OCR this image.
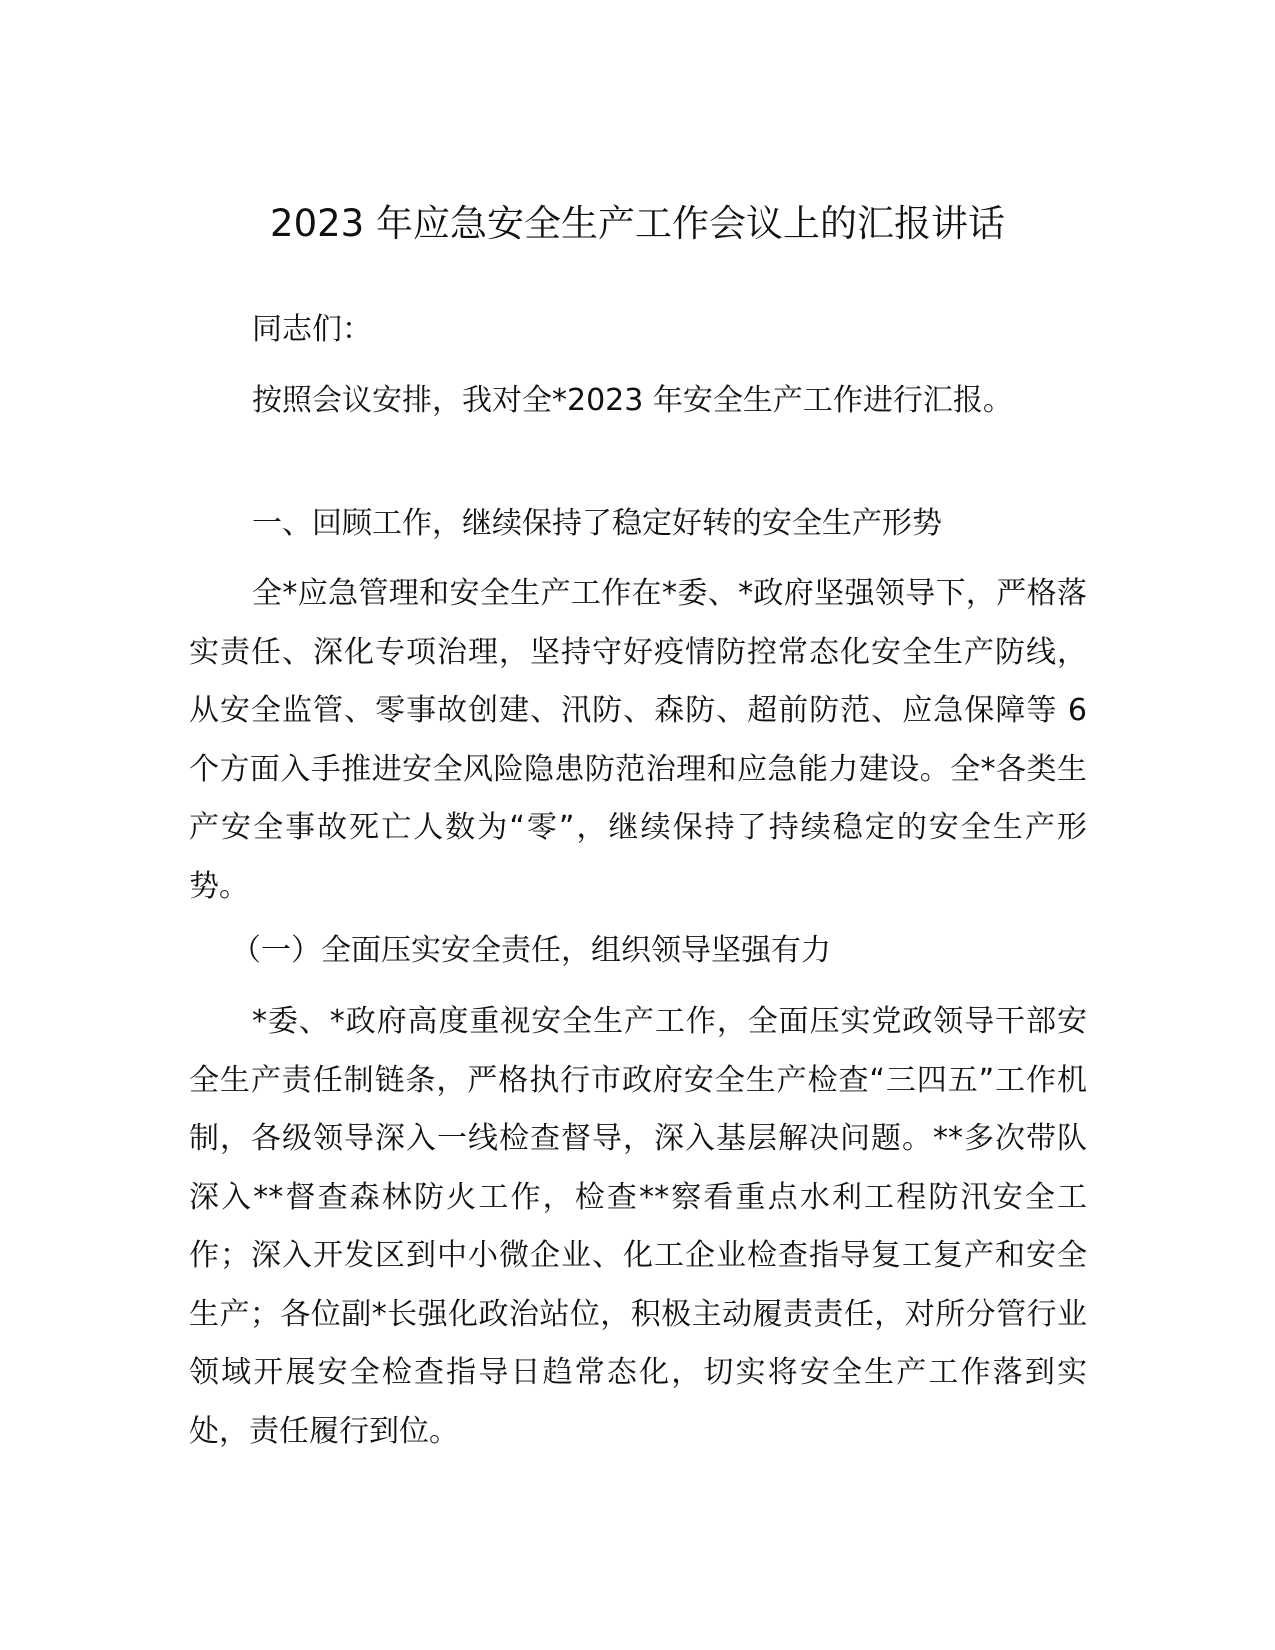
2023 年应急安全生产工作会议上的汇报讲话

同志们：

按照会议安排，我对全*2023 年安全生产工作进行汇报。

一、回顾工作，继续保持了稳定好转的安全生产形势

全*应急管理和安全生产工作在*委、*政府坚强领导下，严格落实责任、深化专项治理，坚持守好疫情防控常态化安全生产防线，从安全监管、零事故创建、汛防、森防、超前防范、应急保障等 6 个方面入手推进安全风险隐患防范治理和应急能力建设。全*各类生产安全事故死亡人数为“零”，继续保持了持续稳定的安全生产形势。

（一）全面压实安全责任，组织领导坚强有力

*委、*政府高度重视安全生产工作，全面压实党政领导干部安全生产责任制链条，严格执行市政府安全生产检查“三四五”工作机制，各级领导深入一线检查督导，深入基层解决问题。**多次带队深入**督查森林防火工作，检查**察看重点水利工程防汛安全工作；深入开发区到中小微企业、化工企业检查指导复工复产和安全生产；各位副*长强化政治站位，积极主动履责责任，对所分管行业领域开展安全检查指导日趋常态化，切实将安全生产工作落到实处，责任履行到位。
